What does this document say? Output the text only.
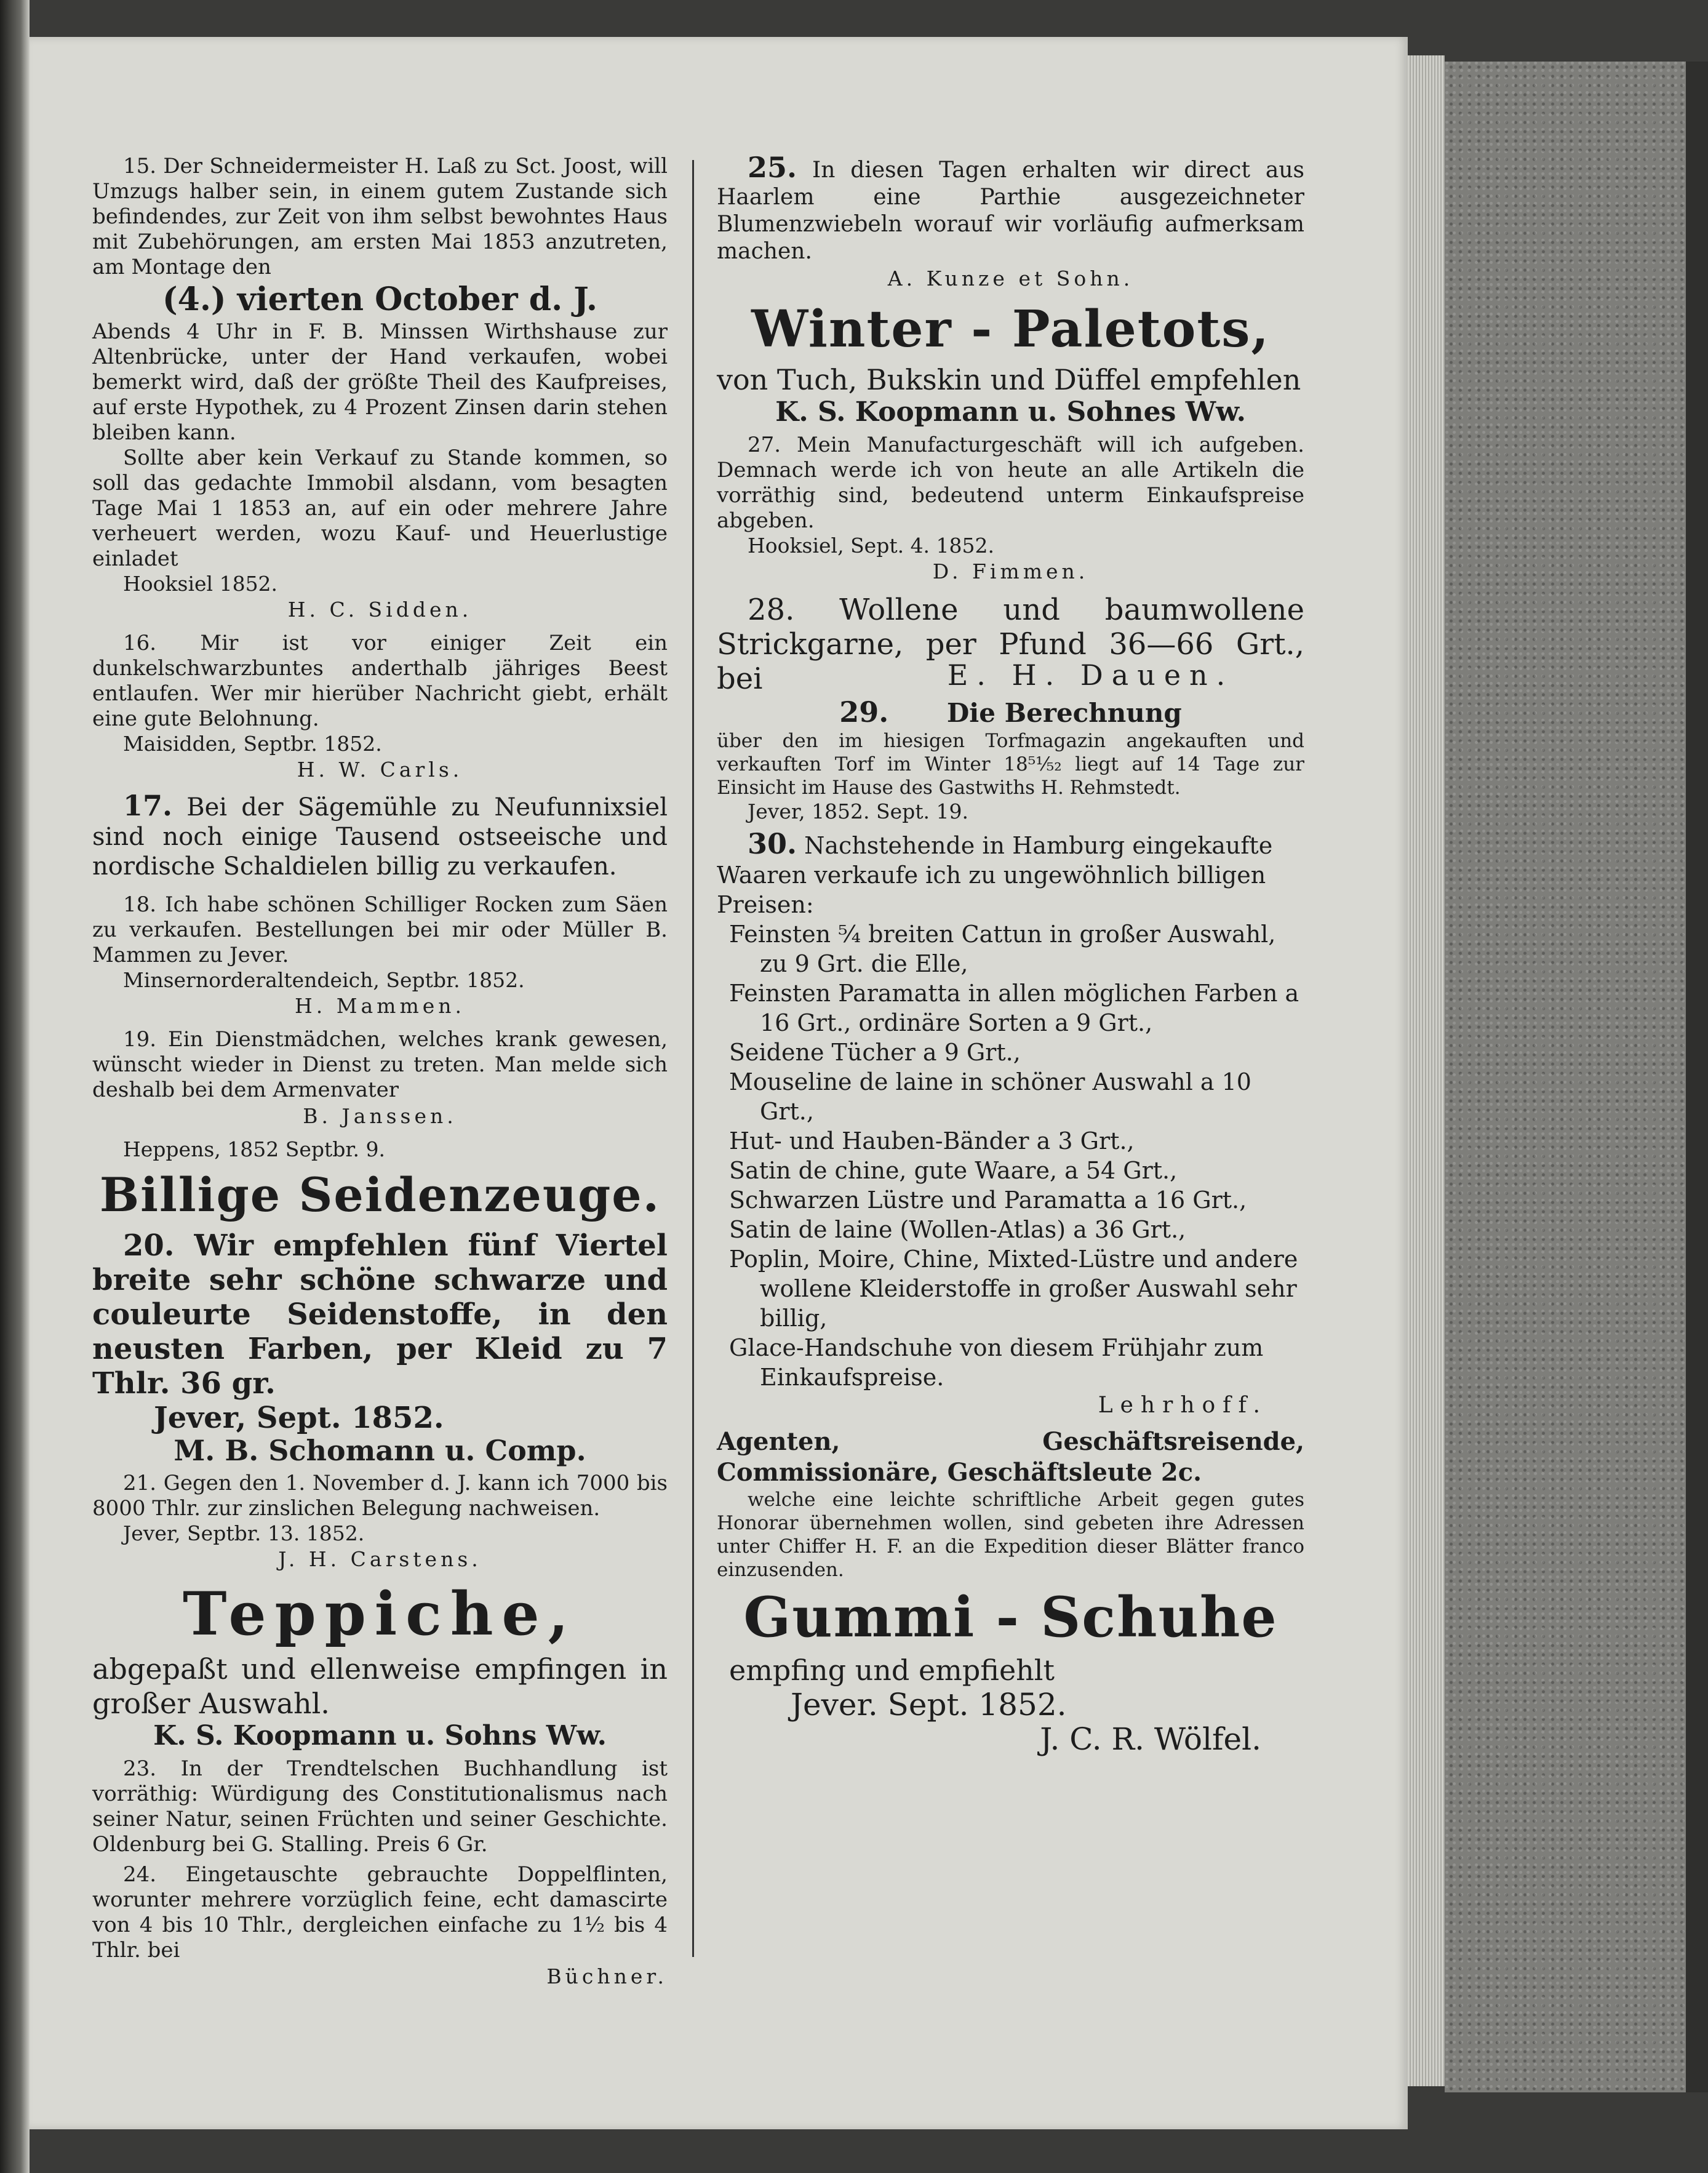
15. Der Schneidermeister H. Laß zu Sct. Joost, will Umzugs halber sein, in einem gutem Zustande sich befindendes, zur Zeit von ihm selbst bewohntes Haus mit Zubehörungen, am ersten Mai 1853 anzutreten, am Montage den

(4.) vierten October d. J.

Abends 4 Uhr in F. B. Minssen Wirthshause zur Altenbrücke, unter der Hand verkaufen, wobei bemerkt wird, daß der größte Theil des Kaufpreises, auf erste Hypothek, zu 4 Prozent Zinsen darin stehen bleiben kann.

Sollte aber kein Verkauf zu Stande kommen, so soll das gedachte Immobil alsdann, vom besagten Tage Mai 1 1853 an, auf ein oder mehrere Jahre verheuert werden, wozu Kauf- und Heuerlustige einladet

Hooksiel 1852.

H. C. Sidden.

16. Mir ist vor einiger Zeit ein dunkelschwarzbuntes anderthalb jähriges Beest entlaufen. Wer mir hierüber Nachricht giebt, erhält eine gute Belohnung.

Maisidden, Septbr. 1852.

H. W. Carls.

17. Bei der Sägemühle zu Neufunnixsiel sind noch einige Tausend ostseeische und nordische Schaldielen billig zu verkaufen.

18. Ich habe schönen Schilliger Rocken zum Säen zu verkaufen. Bestellungen bei mir oder Müller B. Mammen zu Jever.

Minsernorderaltendeich, Septbr. 1852.

H. Mammen.

19. Ein Dienstmädchen, welches krank gewesen, wünscht wieder in Dienst zu treten. Man melde sich deshalb bei dem Armenvater

B. Janssen.

Heppens, 1852 Septbr. 9.

Billige Seidenzeuge.

20. Wir empfehlen fünf Viertel breite sehr schöne schwarze und coulеurte Seidenstoffe, in den neusten Farben, per Kleid zu 7 Thlr. 36 gr.

Jever, Sept. 1852.

M. B. Schomann u. Comp.

21. Gegen den 1. November d. J. kann ich 7000 bis 8000 Thlr. zur zinslichen Belegung nachweisen.

Jever, Septbr. 13. 1852.

J. H. Carstens.

Teppiche,

abgepaßt und ellenweise empfingen in großer Auswahl.

K. S. Koopmann u. Sohns Ww.

23. In der Trendtelschen Buchhandlung ist vorräthig: Würdigung des Constitutionalismus nach seiner Natur, seinen Früchten und seiner Geschichte. Oldenburg bei G. Stalling. Preis 6 Gr.

24. Eingetauschte gebrauchte Doppelflinten, worunter mehrere vorzüglich feine, echt damascirte von 4 bis 10 Thlr., dergleichen einfache zu 1½ bis 4 Thlr. bei

Büchner.

25. In diesen Tagen erhalten wir direct aus Haarlem eine Parthie ausgezeichneter Blumenzwiebeln worauf wir vorläufig aufmerksam machen.

A. Kunze et Sohn.

Winter - Paletots,

von Tuch, Bukskin und Düffel empfehlen

K. S. Koopmann u. Sohnes Ww.

27. Mein Manufacturgeschäft will ich aufgeben. Demnach werde ich von heute an alle Artikeln die vorräthig sind, bedeutend unterm Einkaufspreise abgeben.

Hooksiel, Sept. 4. 1852.

D. Fimmen.

28. Wollene und baumwollene Strickgarne, per Pfund 36—66 Grt., bei	E. H. Dauen.

29. Die Berechnung

über den im hiesigen Torfmagazin angekauften und verkauften Torf im Winter 18⁵¹⁄₅₂ liegt auf 14 Tage zur Einsicht im Hause des Gastwiths H. Rehmstedt.

Jever, 1852. Sept. 19.

30. Nachstehende in Hamburg eingekaufte Waaren verkaufe ich zu ungewöhnlich billigen Preisen:

Feinsten ⁵⁄₄ breiten Cattun in großer Auswahl, zu 9 Grt. die Elle,
Feinsten Paramatta in allen möglichen Farben a 16 Grt., ordinäre Sorten a 9 Grt.,
Seidene Tücher a 9 Grt.,
Mouseline de laine in schöner Auswahl a 10 Grt.,
Hut- und Hauben-Bänder a 3 Grt.,
Satin de chine, gute Waare, a 54 Grt.,
Schwarzen Lüstre und Paramatta a 16 Grt.,
Satin de laine (Wollen-Atlas) a 36 Grt.,
Poplin, Moire, Chine, Mixted-Lüstre und andere wollene Kleiderstoffe in großer Auswahl sehr billig,
Glace-Handschuhe von diesem Frühjahr zum Einkaufspreise.

Lehrhoff.

Agenten, Geschäftsreisende, Commissionäre, Geschäftsleute 2c.

welche eine leichte schriftliche Arbeit gegen gutes Honorar übernehmen wollen, sind gebeten ihre Adressen unter Chiffer H. F. an die Expedition dieser Blätter franco einzusenden.

Gummi - Schuhe

empfing und empfiehlt

Jever. Sept. 1852.

J. C. R. Wölfel.
